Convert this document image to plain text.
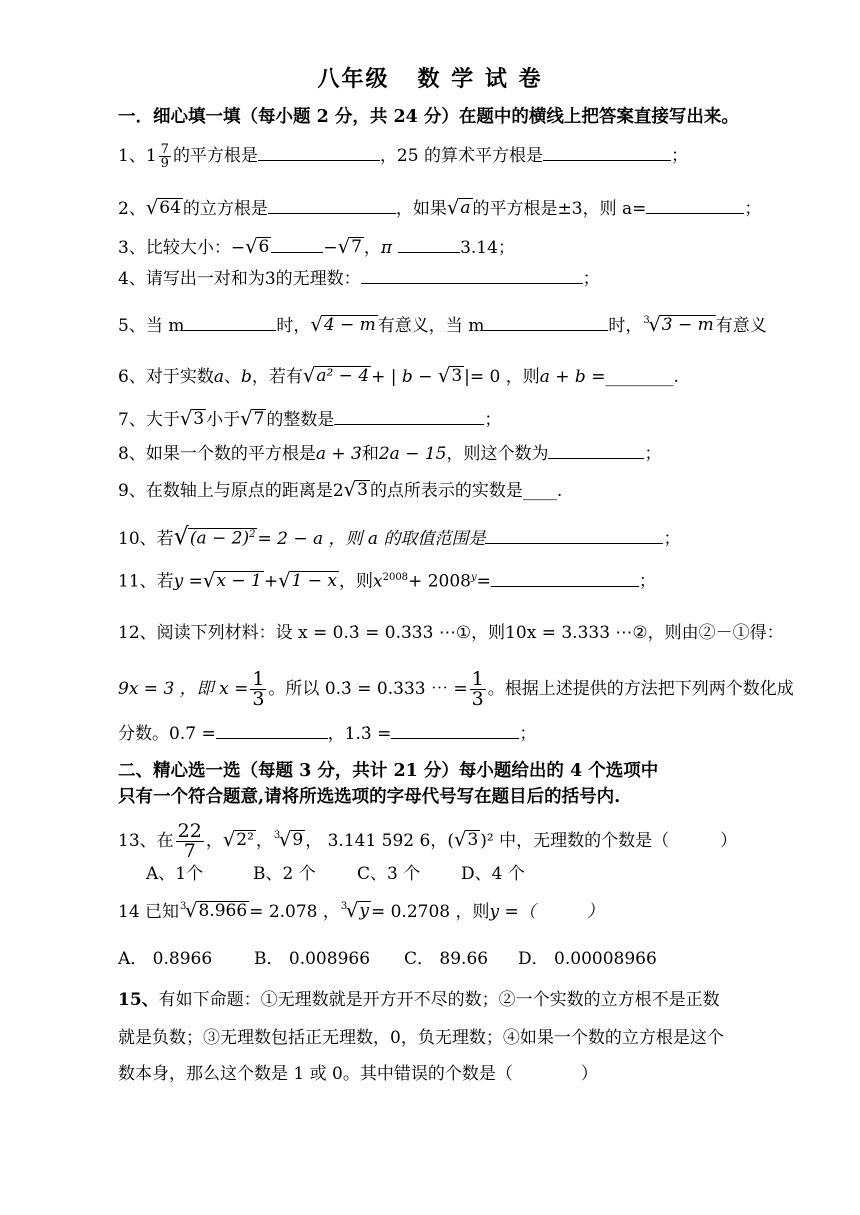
八年级 数 学 试 卷
一．细心填一填（每小题 2 分，共 24 分）在题中的横线上把答案直接写出来。
1、$1 \frac{7}{9}$ 的平方根是	，25 的算术平方根是	；
2、 √ 64 的立方根是	，如果 √ a 的平方根是±3，则 a=	；
3、比较大小：− √ 6	− √ 7 ，π	3.14；
4、请写出一对和为3的无理数：	；
5、当 m	时， √ 4 − m 有意义，当 m	时， 3
√ 3 − m 有意义
6、对于实数a、b，若有 √ a² − 4 + | b − √ 3 |= 0 ，则a + b =________.
7、大于 √ 3 小于 √ 7 的整数是	；
8、如果一个数的平方根是a + 3和2a − 15，则这个数为	；
9、在数轴上与原点的距离是2 √ 3 的点所表示的实数是____.
10、若 √ $(a - 2)^2 = 2 - a$ ，则 a 的取值范围是	；
11、若y = √ x − 1 + √ 1 − x ，则$x^{2008}+ 2008^y=$	；
12、阅读下列材料：设 x = 0.3̇ = 0.333 ⋯①，则10x = 3.333 ⋯②，则由②－①得：
9x = 3 ，即 $x = \frac{1}{3}$ 。所以 0.3̇ = 0.333 ⋯ = $\frac{1}{3}$ 。根据上述提供的方法把下列两个数化成
分数。0.7̇ =	，1.3̇ =	；
二、精心选一选（每题 3 分，共计 21 分）每小题给出的 4 个选项中
只有一个符合题意,请将所选选项的字母代号写在题目后的括号内.
13、在 $\frac{22}{7}$ ， √ 2² ， 3
√ 9 ， 3.141 592 6，( √ 3 )² 中，无理数的个数是（　　　）
A、1个	B、2 个 C、3 个 D、4 个
14 已知 3
√ 8.966 = 2.078 ， 3
√ y = 0.2708 ，则y =（　　　）
A． 0.8966 B． 0.008966 C． 89.66 D． 0.00008966
15、有如下命题：①无理数就是开方开不尽的数；②一个实数的立方根不是正数
就是负数；③无理数包括正无理数，0，负无理数；④如果一个数的立方根是这个
数本身，那么这个数是 1 或 0。其中错误的个数是（　　　　）
